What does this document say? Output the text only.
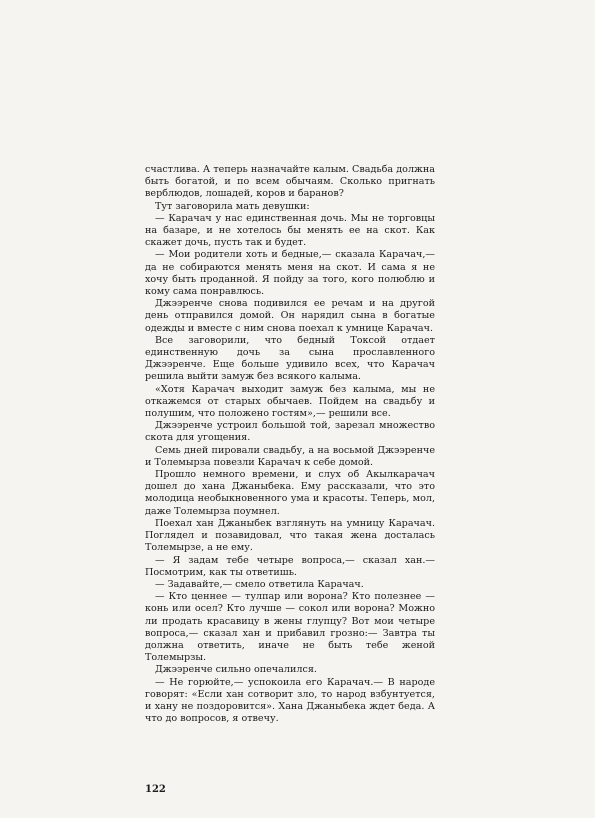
счастлива. А теперь назначайте калым. Свадьба должна быть богатой, и по всем обычаям. Сколько пригнать верблюдов, лошадей, коров и баранов?

Тут заговорила мать девушки:

— Карачач у нас единственная дочь. Мы не торговцы на базаре, и не хотелось бы менять ее на скот. Как скажет дочь, пусть так и будет.

— Мои родители хоть и бедные,— сказала Карачач,— да не собираются менять меня на скот. И сама я не хочу быть проданной. Я пойду за того, кого полюблю и кому сама понравлюсь.

Джээренче снова подивился ее речам и на другой день отправился домой. Он нарядил сына в богатые одежды и вместе с ним снова поехал к умнице Карачач.

Все заговорили, что бедный Токсой отдает единственную дочь за сына прославленного Джээренче. Еще больше удивило всех, что Карачач решила выйти замуж без всякого калыма.

«Хотя Карачач выходит замуж без калыма, мы не откажемся от старых обычаев. Пойдем на свадьбу и полушим, что положено гостям»,— решили все.

Джээренче устроил большой той, зарезал множество скота для угощения.

Семь дней пировали свадьбу, а на восьмой Джээренче и Толемырза повезли Карачач к себе домой.

Прошло немного времени, и слух об Акылкарачач дошел до хана Джаныбека. Ему рассказали, что это молодица необыкновенного ума и красоты. Теперь, мол, даже Толемырза поумнел.

Поехал хан Джаныбек взглянуть на умницу Карачач. Поглядел и позавидовал, что такая жена досталась Толемырзе, а не ему.

— Я задам тебе четыре вопроса,— сказал хан.— Посмотрим, как ты ответишь.

— Задавайте,— смело ответила Карачач.

— Кто ценнее — тулпар или ворона? Кто полезнее — конь или осел? Кто лучше — сокол или ворона? Можно ли продать красавицу в жены глупцу? Вот мои четыре вопроса,— сказал хан и прибавил грозно:— Завтра ты должна ответить, иначе не быть тебе женой Толемырзы.

Джээренче сильно опечалился.

— Не горюйте,— успокоила его Карачач.— В народе говорят: «Если хан сотворит зло, то народ взбунтуется, и хану не поздоровится». Хана Джаныбека ждет беда. А что до вопросов, я отвечу.

122
